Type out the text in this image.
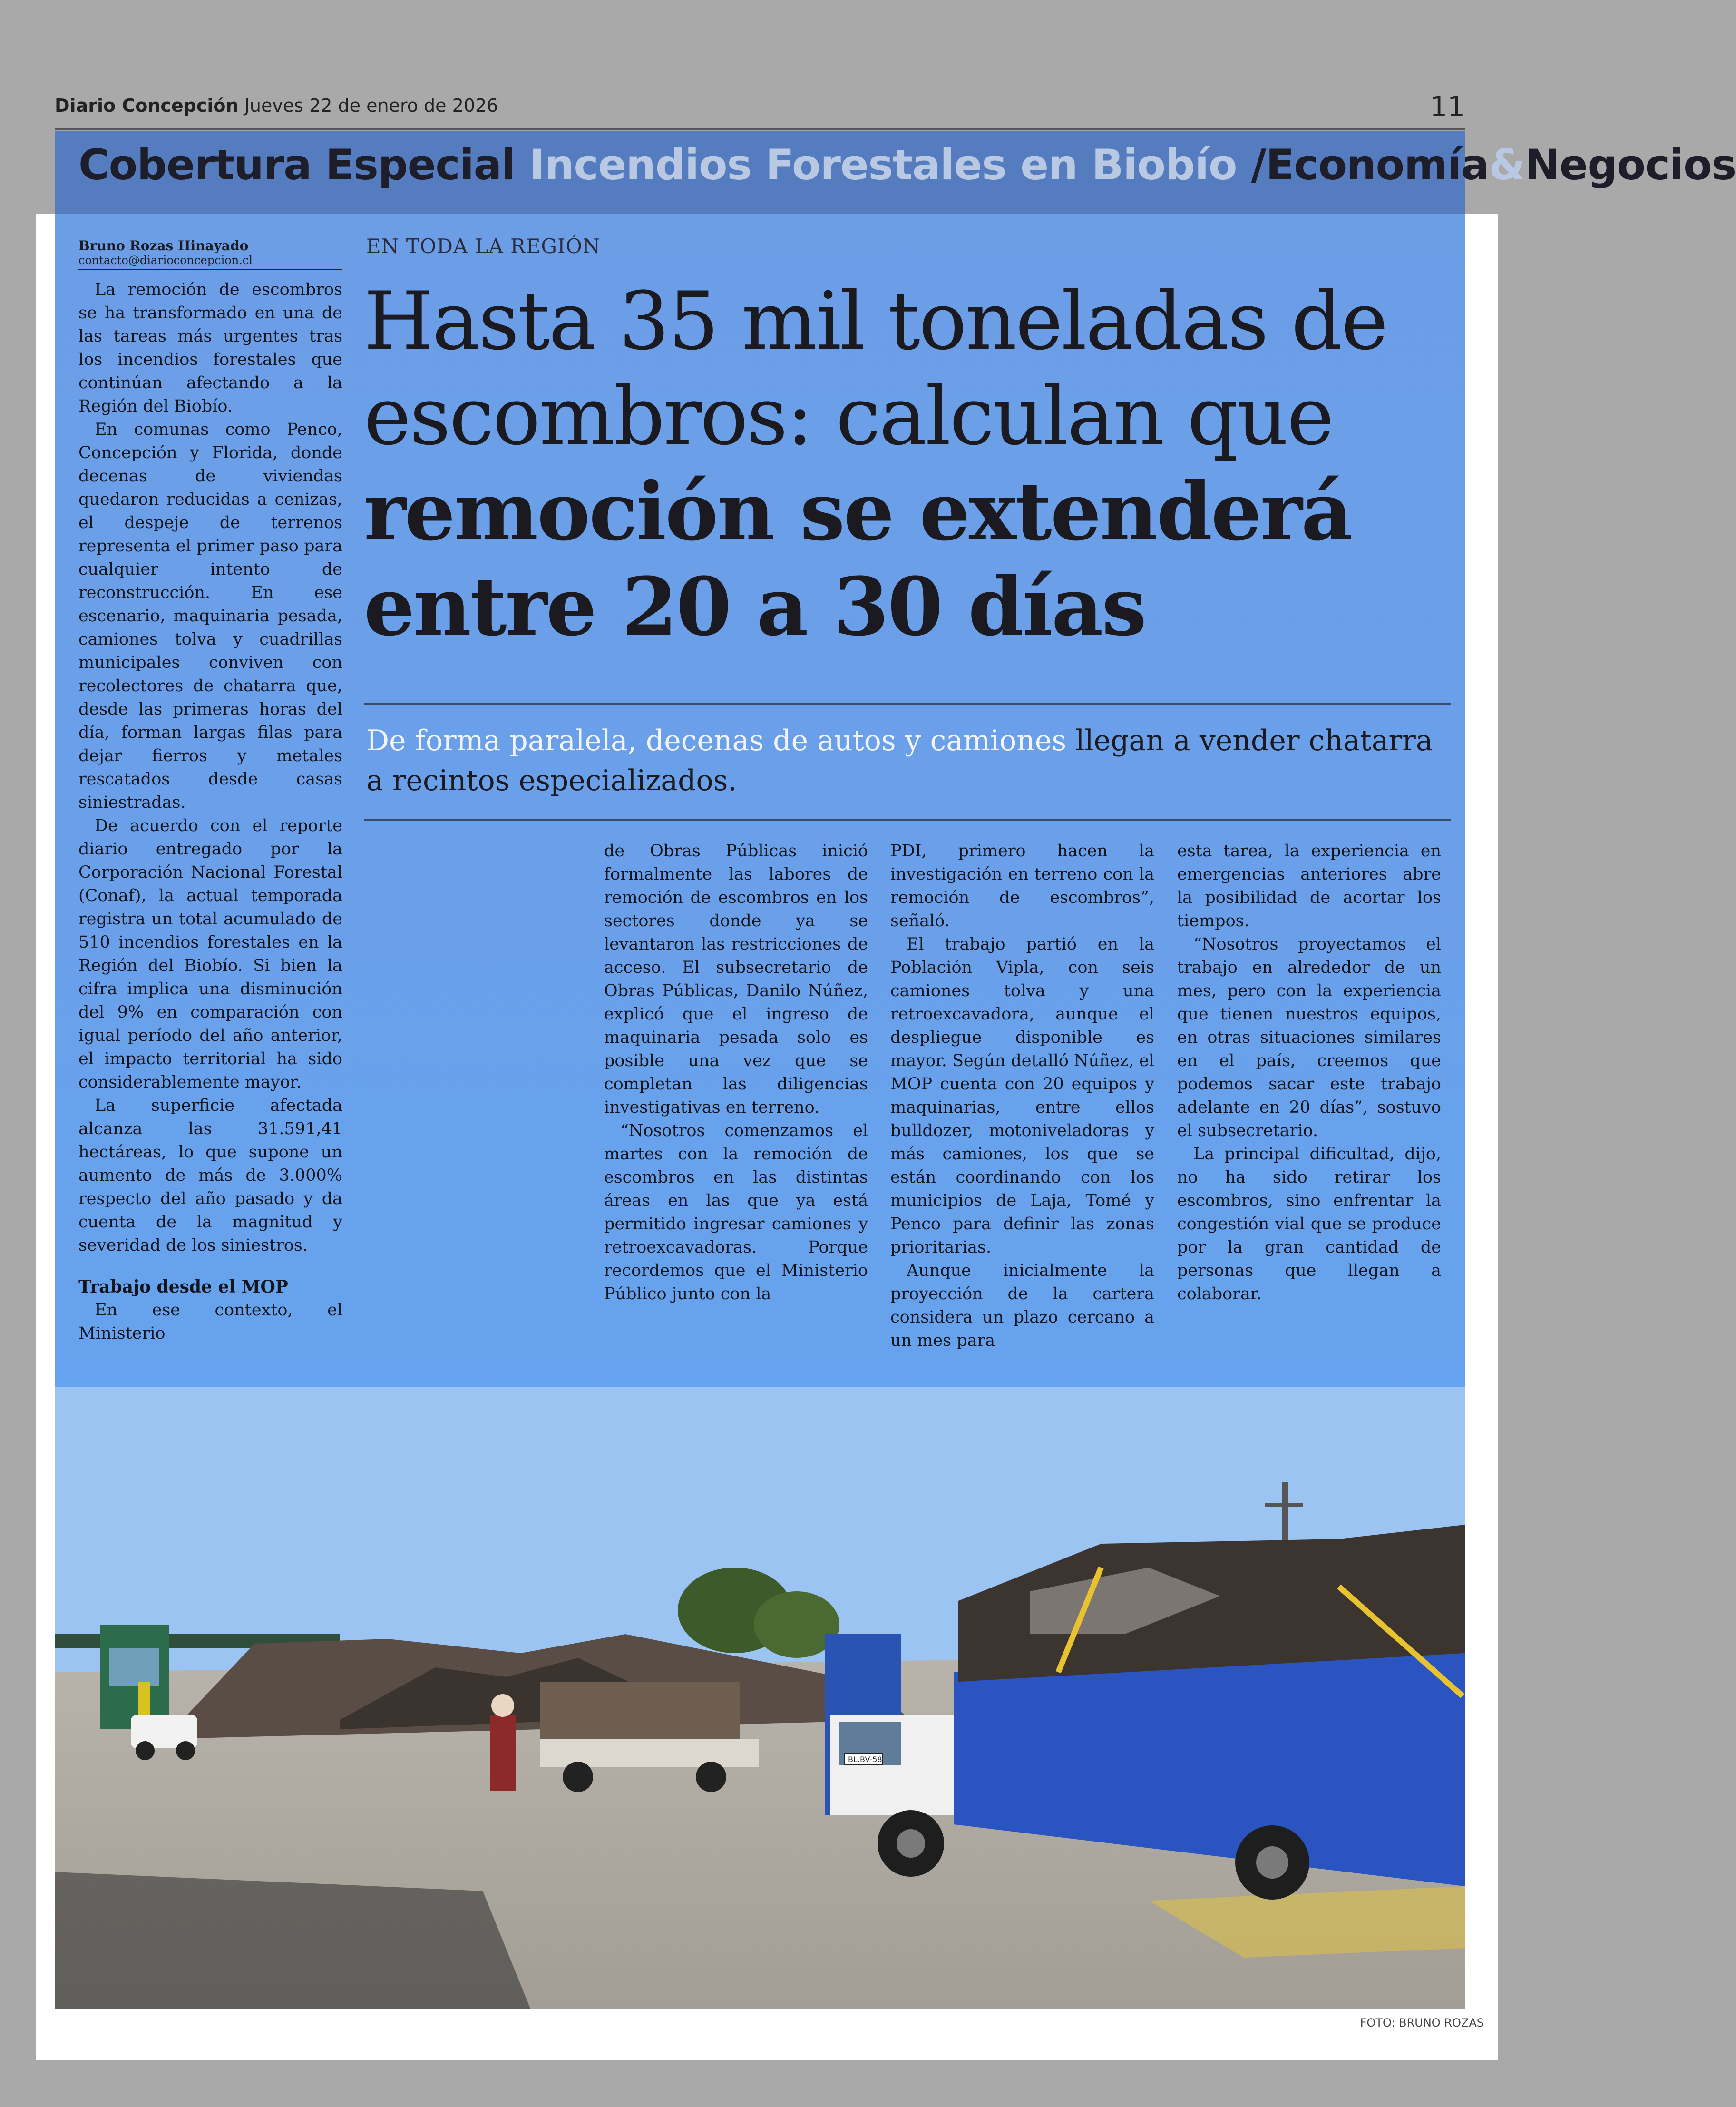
Diario Concepción Jueves 22 de enero de 2026	11
Cobertura Especial Incendios Forestales en Biobío /Economía&Negocios
Bruno Rozas Hinayado
contacto@diarioconcepcion.cl

La remoción de escombros se ha transformado en una de las tareas más urgentes tras los incendios forestales que continúan afectando a la Región del Biobío.

En comunas como Penco, Concepción y Florida, donde decenas de viviendas quedaron reducidas a cenizas, el despeje de terrenos representa el primer paso para cualquier intento de reconstrucción. En ese escenario, maquinaria pesada, camiones tolva y cuadrillas municipales conviven con recolectores de chatarra que, desde las primeras horas del día, forman largas filas para dejar fierros y metales rescatados desde casas siniestradas.

De acuerdo con el reporte diario entregado por la Corporación Nacional Forestal (Conaf), la actual temporada registra un total acumulado de 510 incendios forestales en la Región del Biobío. Si bien la cifra implica una disminución del 9% en comparación con igual período del año anterior, el impacto territorial ha sido considerablemente mayor.

La superficie afectada alcanza las 31.591,41 hectáreas, lo que supone un aumento de más de 3.000% respecto del año pasado y da cuenta de la magnitud y severidad de los siniestros.

Trabajo desde el MOP

En ese contexto, el Ministerio

EN TODA LA REGIÓN
Hasta 35 mil toneladas de
escombros: calculan que
remoción se extenderá
entre 20 a 30 días
De forma paralela, decenas de autos y camiones llegan a vender chatarra a recintos especializados.

de Obras Públicas inició formalmente las labores de remoción de escombros en los sectores donde ya se levantaron las restricciones de acceso. El subsecretario de Obras Públicas, Danilo Núñez, explicó que el ingreso de maquinaria pesada solo es posible una vez que se completan las diligencias investigativas en terreno.

“Nosotros comenzamos el martes con la remoción de escombros en las distintas áreas en las que ya está permitido ingresar camiones y retroexcavadoras. Porque recordemos que el Ministerio Público junto con la

PDI, primero hacen la investigación en terreno con la remoción de escombros”, señaló.

El trabajo partió en la Población Vipla, con seis camiones tolva y una retroexcavadora, aunque el despliegue disponible es mayor. Según detalló Núñez, el MOP cuenta con 20 equipos y maquinarias, entre ellos bulldozer, motoniveladoras y más camiones, los que se están coordinando con los municipios de Laja, Tomé y Penco para definir las zonas prioritarias.

Aunque inicialmente la proyección de la cartera considera un plazo cercano a un mes para

esta tarea, la experiencia en emergencias anteriores abre la posibilidad de acortar los tiempos.

“Nosotros proyectamos el trabajo en alrededor de un mes, pero con la experiencia que tienen nuestros equipos, en otras situaciones similares en el país, creemos que podemos sacar este trabajo adelante en 20 días”, sostuvo el subsecretario.

La principal dificultad, dijo, no ha sido retirar los escombros, sino enfrentar la congestión vial que se produce por la gran cantidad de personas que llegan a colaborar.

BL.BV-58
FOTO: BRUNO ROZAS
